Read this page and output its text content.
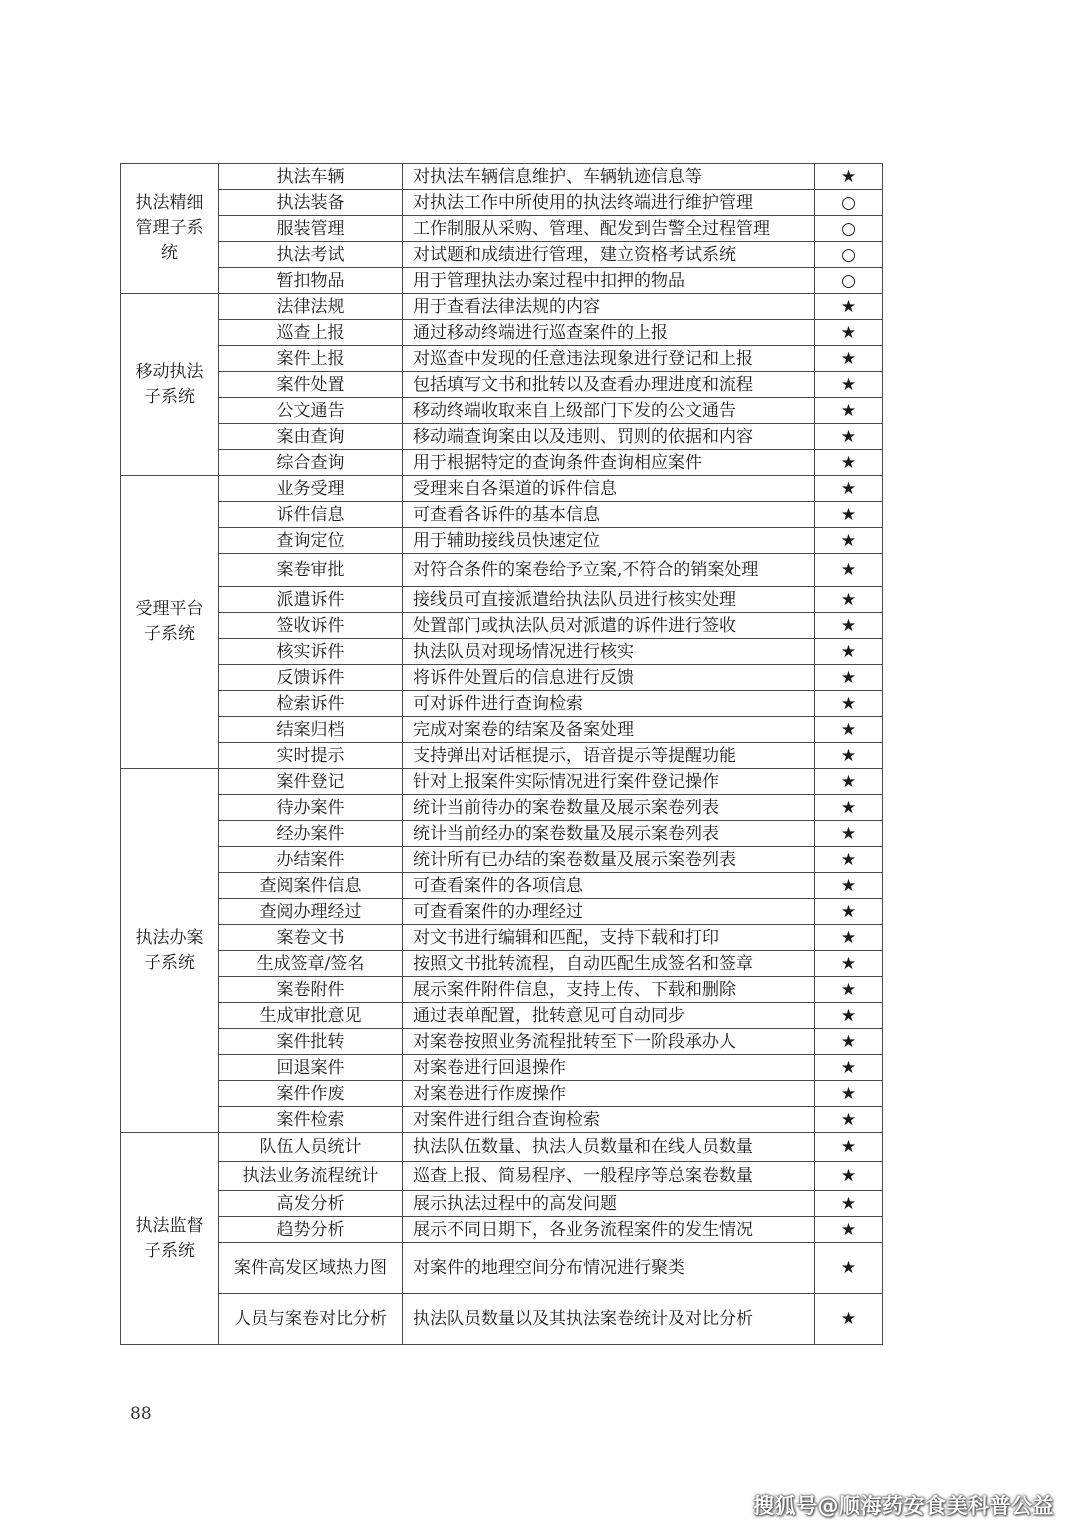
执法精细管理子系统	执法车辆	对执法车辆信息维护、车辆轨迹信息等	★
	执法装备	对执法工作中所使用的执法终端进行维护管理	○
	服装管理	工作制服从采购、管理、配发到告警全过程管理	○
	执法考试	对试题和成绩进行管理，建立资格考试系统	○
	暂扣物品	用于管理执法办案过程中扣押的物品	○
移动执法子系统	法律法规	用于查看法律法规的内容	★
	巡查上报	通过移动终端进行巡查案件的上报	★
	案件上报	对巡查中发现的任意违法现象进行登记和上报	★
	案件处置	包括填写文书和批转以及查看办理进度和流程	★
	公文通告	移动终端收取来自上级部门下发的公文通告	★
	案由查询	移动端查询案由以及违则、罚则的依据和内容	★
	综合查询	用于根据特定的查询条件查询相应案件	★
受理平台子系统	业务受理	受理来自各渠道的诉件信息	★
	诉件信息	可查看各诉件的基本信息	★
	查询定位	用于辅助接线员快速定位	★
	案卷审批	对符合条件的案卷给予立案,不符合的销案处理	★
	派遣诉件	接线员可直接派遣给执法队员进行核实处理	★
	签收诉件	处置部门或执法队员对派遣的诉件进行签收	★
	核实诉件	执法队员对现场情况进行核实	★
	反馈诉件	将诉件处置后的信息进行反馈	★
	检索诉件	可对诉件进行查询检索	★
	结案归档	完成对案卷的结案及备案处理	★
	实时提示	支持弹出对话框提示，语音提示等提醒功能	★
执法办案子系统	案件登记	针对上报案件实际情况进行案件登记操作	★
	待办案件	统计当前待办的案卷数量及展示案卷列表	★
	经办案件	统计当前经办的案卷数量及展示案卷列表	★
	办结案件	统计所有已办结的案卷数量及展示案卷列表	★
	查阅案件信息	可查看案件的各项信息	★
	查阅办理经过	可查看案件的办理经过	★
	案卷文书	对文书进行编辑和匹配，支持下载和打印	★
	生成签章/签名	按照文书批转流程，自动匹配生成签名和签章	★
	案卷附件	展示案件附件信息，支持上传、下载和删除	★
	生成审批意见	通过表单配置，批转意见可自动同步	★
	案件批转	对案卷按照业务流程批转至下一阶段承办人	★
	回退案件	对案卷进行回退操作	★
	案件作废	对案卷进行作废操作	★
	案件检索	对案件进行组合查询检索	★
执法监督子系统	队伍人员统计	执法队伍数量、执法人员数量和在线人员数量	★
	执法业务流程统计	巡查上报、简易程序、一般程序等总案卷数量	★
	高发分析	展示执法过程中的高发问题	★
	趋势分析	展示不同日期下，各业务流程案件的发生情况	★
	案件高发区域热力图	对案件的地理空间分布情况进行聚类	★
	人员与案卷对比分析	执法队员数量以及其执法案卷统计及对比分析	★
88
搜狐号@顺海药安食美科普公益
